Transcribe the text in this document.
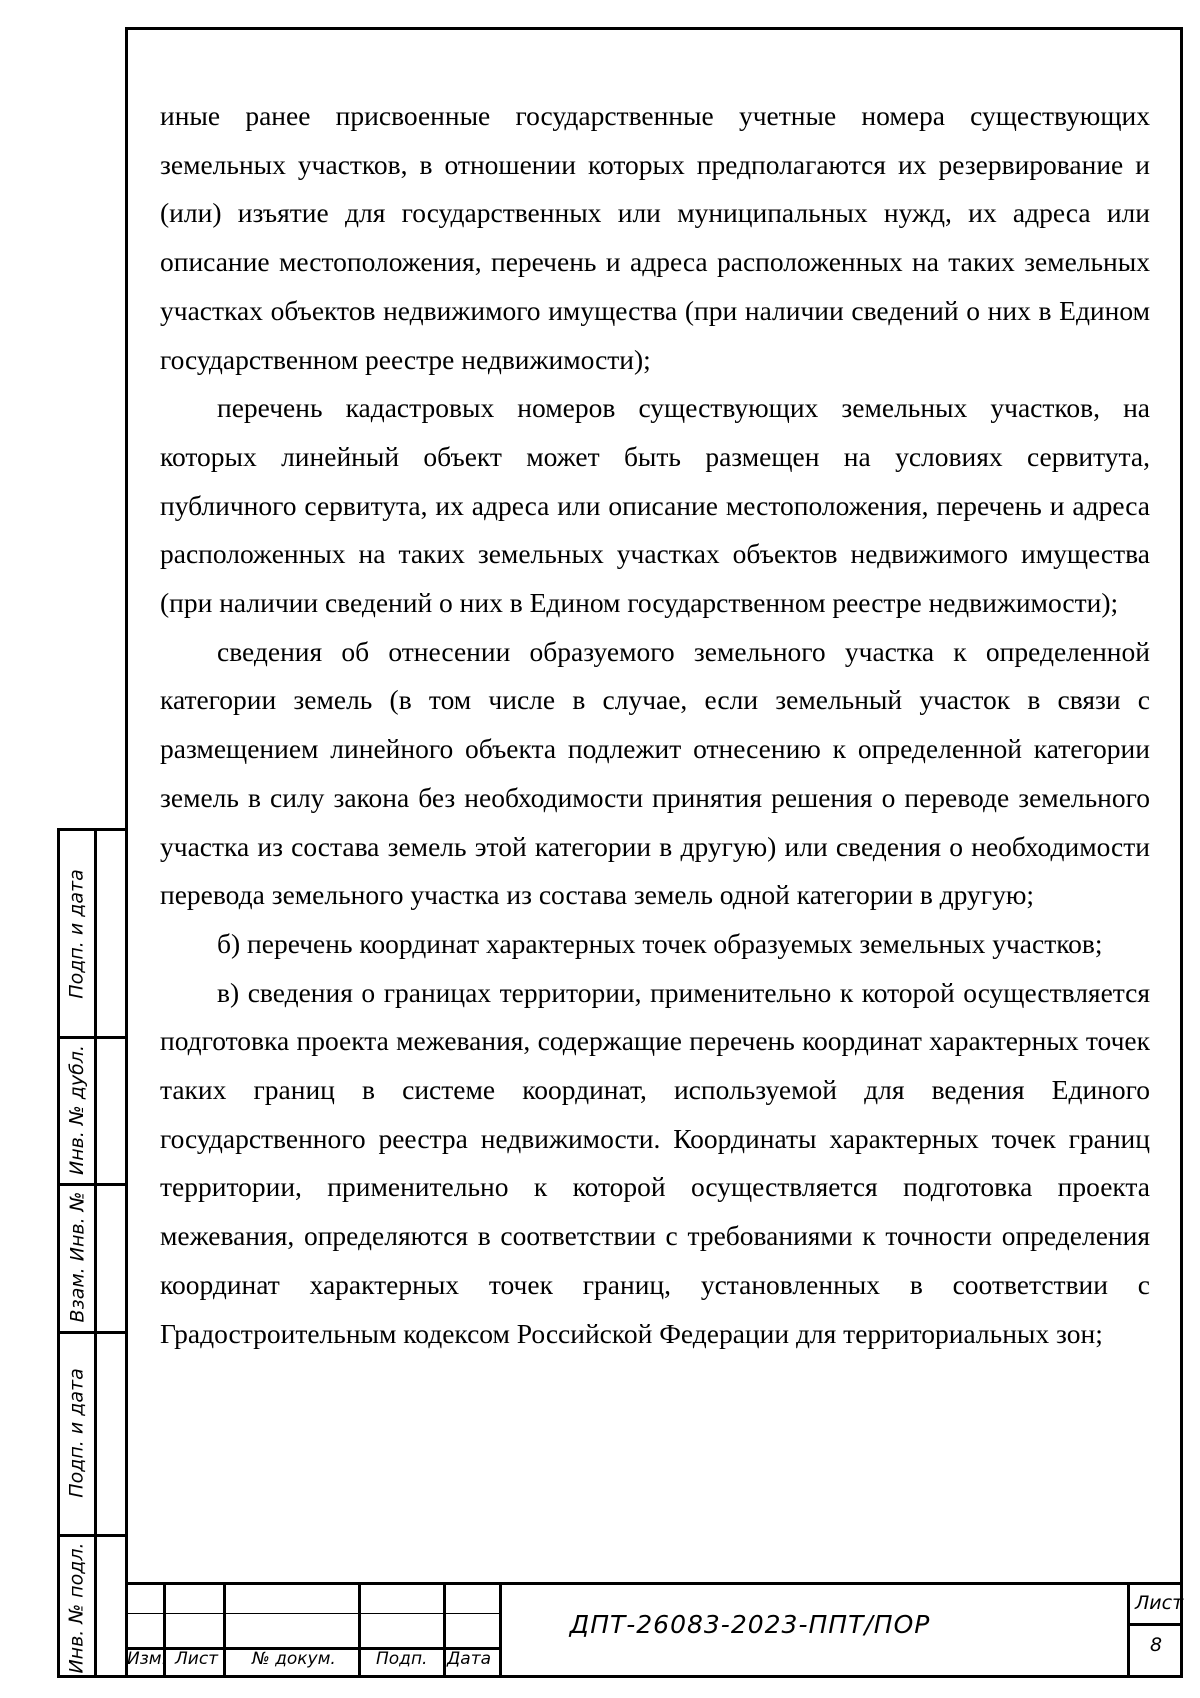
иные ранее присвоенные государственные учетные номера существующих земельных участков, в отношении которых предполагаются их резервирование и (или) изъятие для государственных или муниципальных нужд, их адреса или описание местоположения, перечень и адреса расположенных на таких земельных участках объектов недвижимого имущества (при наличии сведений о них в Едином государственном реестре недвижимости);

перечень кадастровых номеров существующих земельных участков, на которых линейный объект может быть размещен на условиях сервитута, публичного сервитута, их адреса или описание местоположения, перечень и адреса расположенных на таких земельных участках объектов недвижимого имущества (при наличии сведений о них в Едином государственном реестре недвижимости);

сведения об отнесении образуемого земельного участка к определенной категории земель (в том числе в случае, если земельный участок в связи с размещением линейного объекта подлежит отнесению к определенной категории земель в силу закона без необходимости принятия решения о переводе земельного участка из состава земель этой категории в другую) или сведения о необходимости перевода земельного участка из состава земель одной категории в другую;

б) перечень координат характерных точек образуемых земельных участков;

в) сведения о границах территории, применительно к которой осуществляется подготовка проекта межевания, содержащие перечень координат характерных точек таких границ в системе координат, используемой для ведения Единого государственного реестра недвижимости. Координаты характерных точек границ территории, применительно к которой осуществляется подготовка проекта межевания, определяются в соответствии с требованиями к точности определения координат характерных точек границ, установленных в соответствии с Градостроительным кодексом Российской Федерации для территориальных зон;

Подп. и дата
Инв. № дубл.
Взам. Инв. №
Подп. и дата
Инв. № подл. Изм. Лист № докум. Подп. Дата
ДПТ-26083-2023-ППТ/ПОР
Лист
8
